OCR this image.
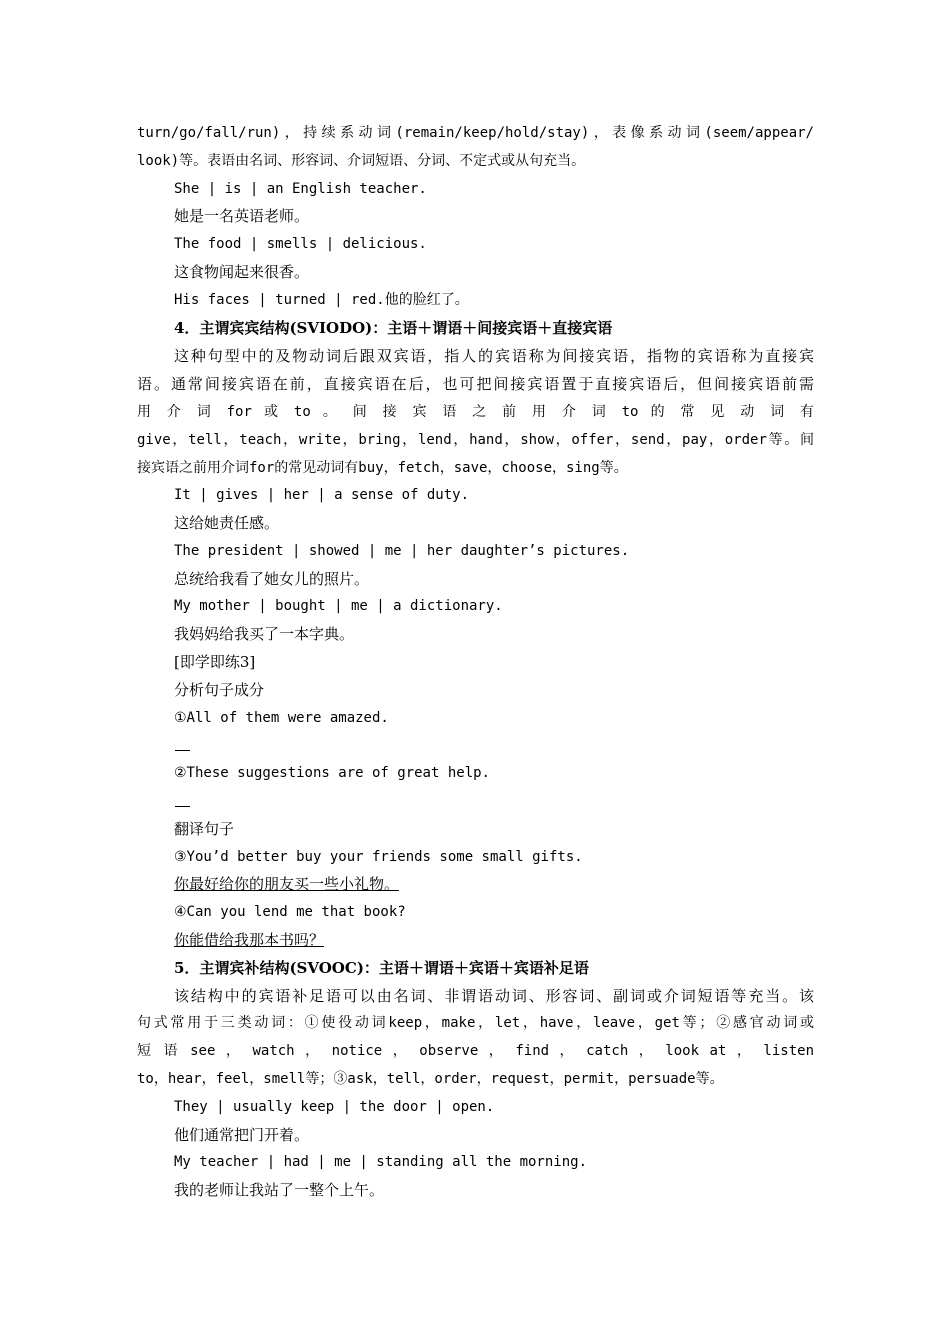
turn/go/fall/run)，持续系动词(remain/keep/hold/stay)，表像系动词(seem/appear/
look)等。表语由名词、形容词、介词短语、分词、不定式或从句充当。
She | is | an English teacher.
她是一名英语老师。
The food | smells | delicious.
这食物闻起来很香。
His faces | turned | red.他的脸红了。
4．主谓宾宾结构(SVIODO)：主语＋谓语＋间接宾语＋直接宾语
这种句型中的及物动词后跟双宾语，指人的宾语称为间接宾语，指物的宾语称为直接宾
语。通常间接宾语在前，直接宾语在后，也可把间接宾语置于直接宾语后，但间接宾语前需
用 介 词 for 或 to 。 间 接 宾 语 之 前 用 介 词 to 的 常 见 动 词 有
give，tell，teach，write，bring，lend，hand，show，offer，send，pay，order等。间
接宾语之前用介词for的常见动词有buy，fetch，save，choose，sing等。
It | gives | her | a sense of duty.
这给她责任感。
The president | showed | me | her daughter’s pictures.
总统给我看了她女儿的照片。
My mother | bought | me | a dictionary.
我妈妈给我买了一本字典。
[即学即练3]
分析句子成分
①All of them were amazed.
②These suggestions are of great help.
翻译句子
③You’d better buy your friends some small gifts.
你最好给你的朋友买一些小礼物。
④Can you lend me that book?
你能借给我那本书吗？
5．主谓宾补结构(SVOOC)：主语＋谓语＋宾语＋宾语补足语
该结构中的宾语补足语可以由名词、非谓语动词、形容词、副词或介词短语等充当。该
句式常用于三类动词：①使役动词keep，make，let，have，leave，get等；②感官动词或
短 语 see ， watch ， notice ， observe ， find ， catch ， look at ， listen
to，hear，feel，smell等；③ask，tell，order，request，permit，persuade等。
They | usually keep | the door | open.
他们通常把门开着。
My teacher | had | me | standing all the morning.
我的老师让我站了一整个上午。
